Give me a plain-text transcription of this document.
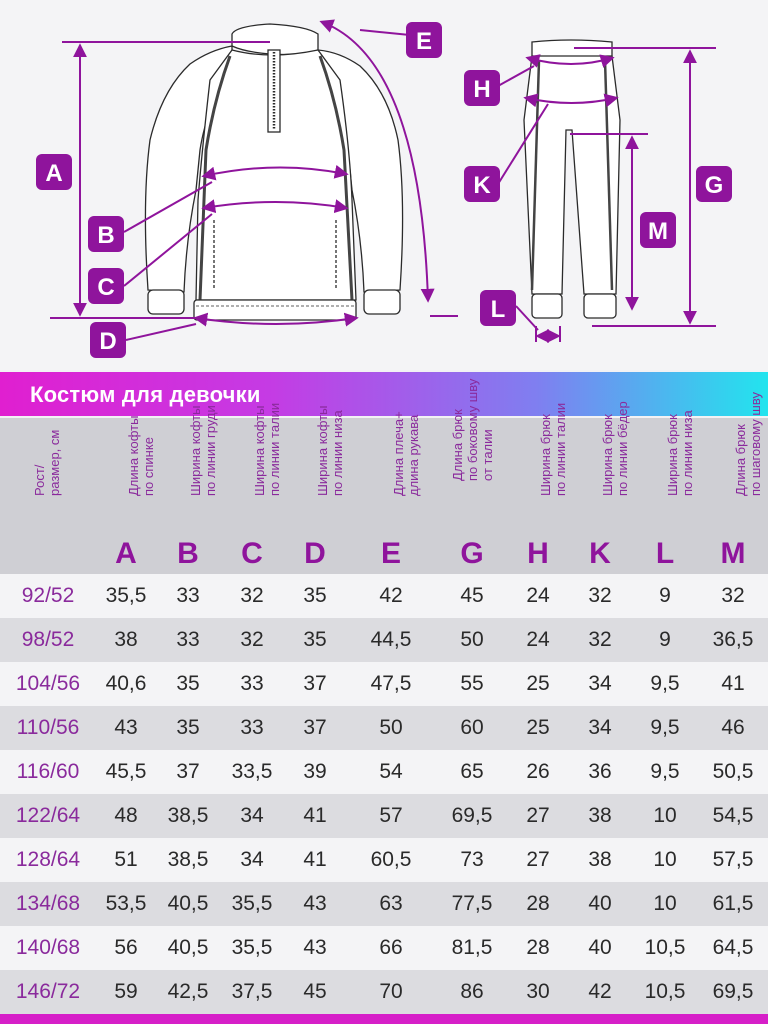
A
B
C
D
E
H
K	G
M
L
Костюм для девочки
Рост/
размер, см
Длина кофты
по спинке
A
Ширина кофты
по линии груди
B
Ширина кофты
по линии талии
C
Ширина кофты
по линии низа
D
Длина плеча+
длина рукава
E
Длина брюк
по боковому шву
от талии
G
Ширина брюк
по линии талии
H
Ширина брюк
по линии бёдер
K
Ширина брюк
по линии низа
L
Длина брюк
по шаговому шву
M
92/52	35,5	33	32	35	42	45	24	32	9	32
98/52	38	33	32	35	44,5	50	24	32	9	36,5
104/56	40,6	35	33	37	47,5	55	25	34	9,5	41
110/56	43	35	33	37	50	60	25	34	9,5	46
116/60	45,5	37	33,5	39	54	65	26	36	9,5	50,5
122/64	48	38,5	34	41	57	69,5	27	38	10	54,5
128/64	51	38,5	34	41	60,5	73	27	38	10	57,5
134/68	53,5	40,5	35,5	43	63	77,5	28	40	10	61,5
140/68	56	40,5	35,5	43	66	81,5	28	40	10,5	64,5
146/72	59	42,5	37,5	45	70	86	30	42	10,5	69,5
